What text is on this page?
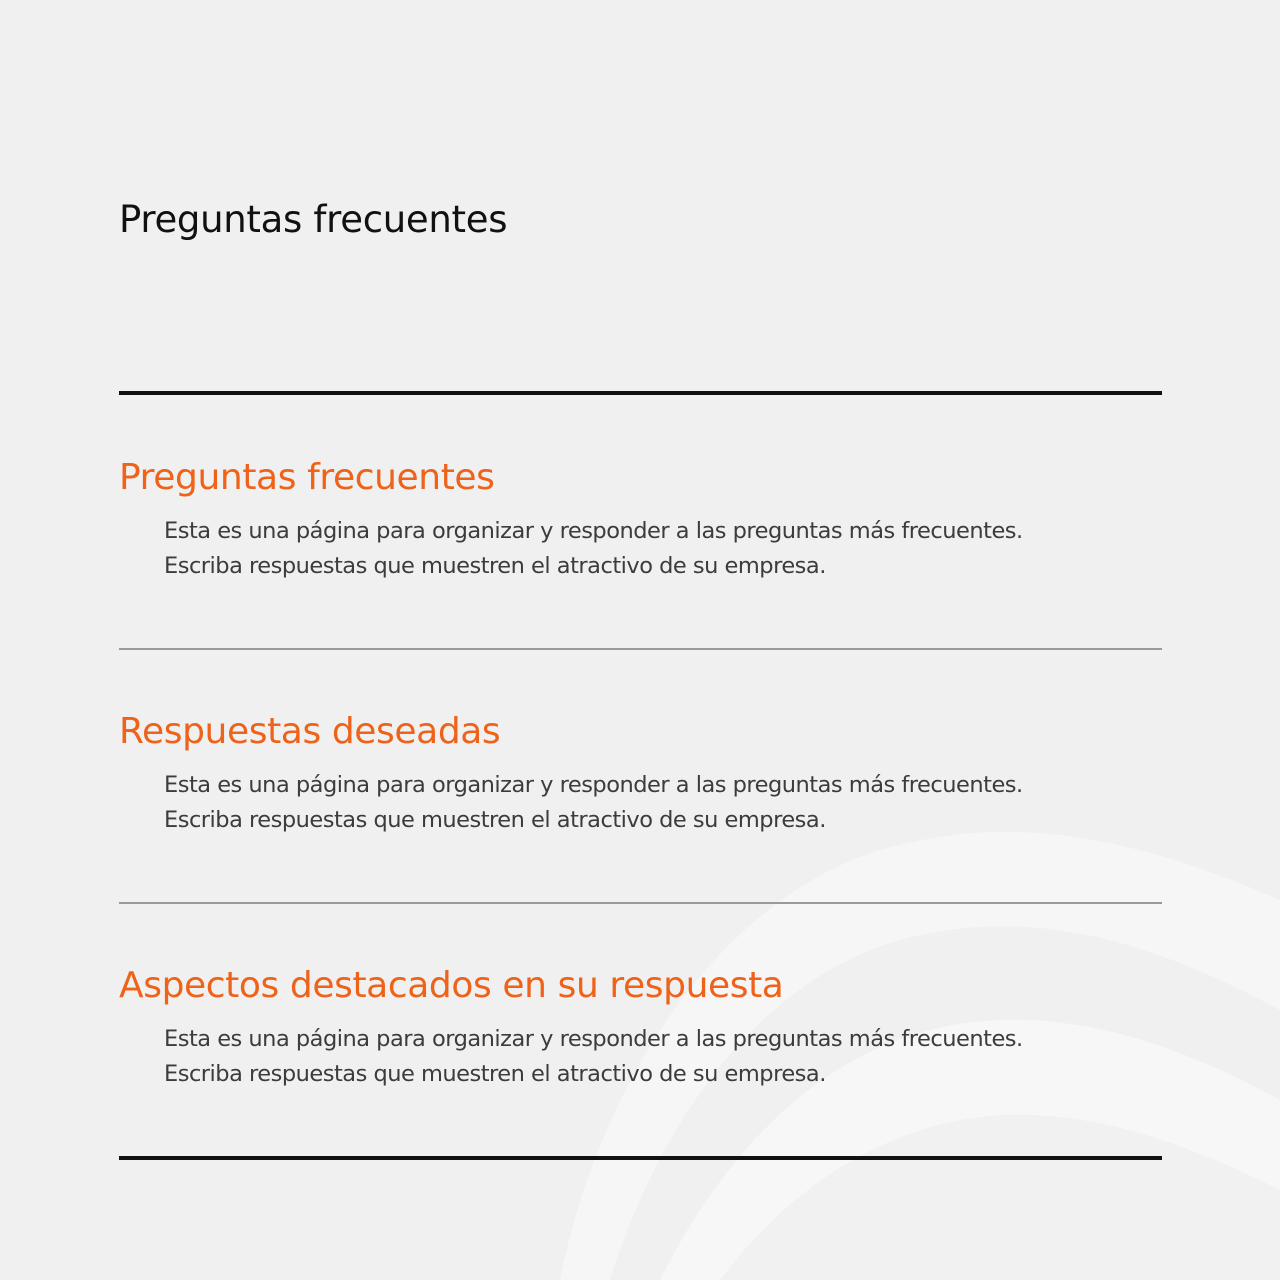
Preguntas frecuentes
Preguntas frecuentes

Esta es una página para organizar y responder a las preguntas más frecuentes.
Escriba respuestas que muestren el atractivo de su empresa.

Respuestas deseadas

Esta es una página para organizar y responder a las preguntas más frecuentes.
Escriba respuestas que muestren el atractivo de su empresa.

Aspectos destacados en su respuesta

Esta es una página para organizar y responder a las preguntas más frecuentes.
Escriba respuestas que muestren el atractivo de su empresa.
